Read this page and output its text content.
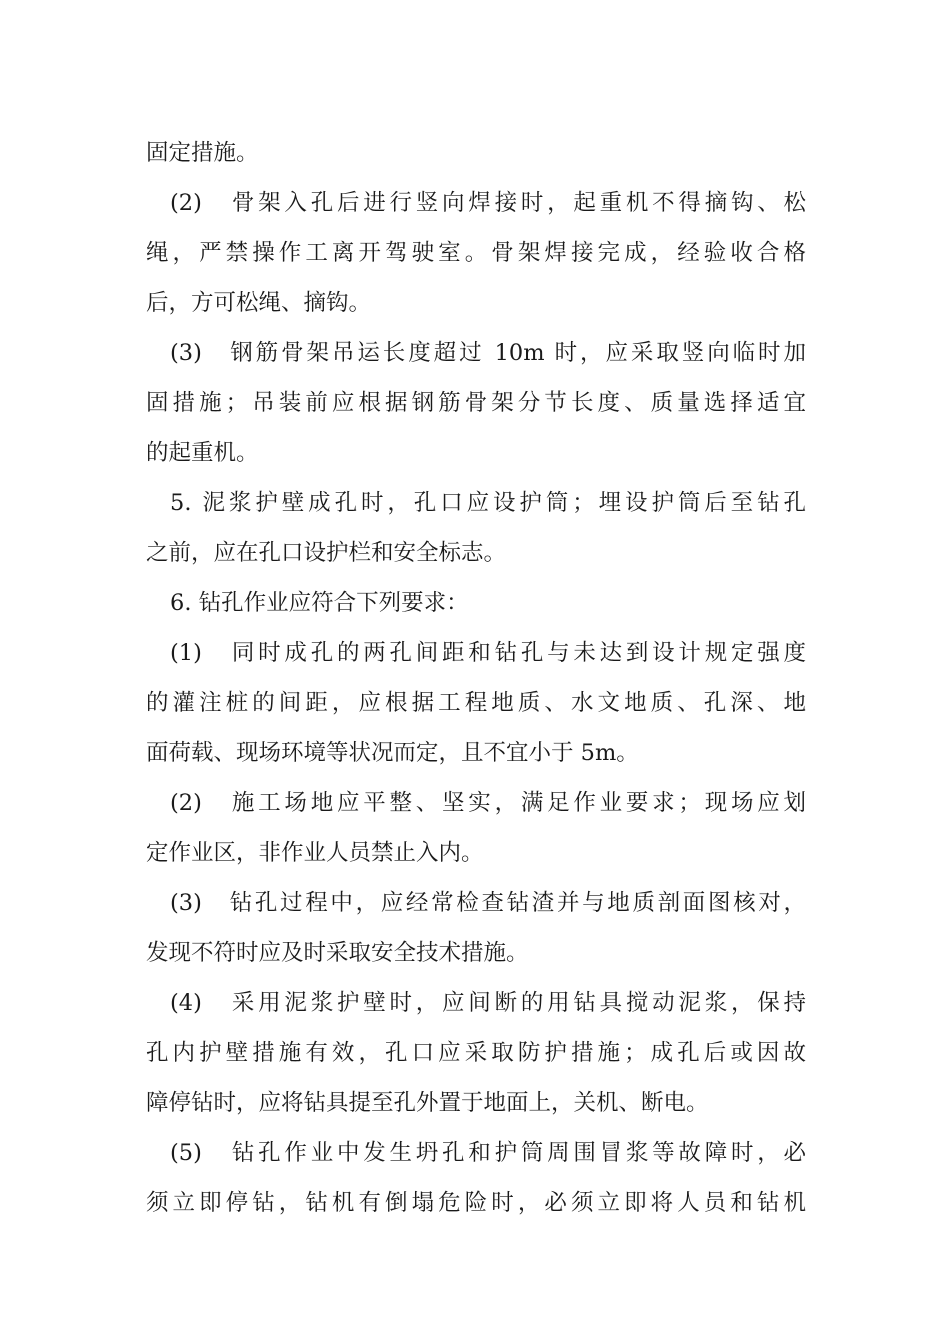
固定措施。
(2)　骨架入孔后进行竖向焊接时，起重机不得摘钩、松
绳，严禁操作工离开驾驶室。骨架焊接完成，经验收合格
后，方可松绳、摘钩。
(3)　钢筋骨架吊运长度超过 10m 时，应采取竖向临时加
固措施；吊装前应根据钢筋骨架分节长度、质量选择适宜
的起重机。
5. 泥浆护壁成孔时，孔口应设护筒；埋设护筒后至钻孔
之前，应在孔口设护栏和安全标志。
6. 钻孔作业应符合下列要求：
(1)　同时成孔的两孔间距和钻孔与未达到设计规定强度
的灌注桩的间距，应根据工程地质、水文地质、孔深、地
面荷载、现场环境等状况而定，且不宜小于 5m。
(2)　施工场地应平整、坚实，满足作业要求；现场应划
定作业区，非作业人员禁止入内。
(3)　钻孔过程中，应经常检查钻渣并与地质剖面图核对，
发现不符时应及时采取安全技术措施。
(4)　采用泥浆护壁时，应间断的用钻具搅动泥浆，保持
孔内护壁措施有效，孔口应采取防护措施；成孔后或因故
障停钻时，应将钻具提至孔外置于地面上，关机、断电。
(5)　钻孔作业中发生坍孔和护筒周围冒浆等故障时，必
须立即停钻，钻机有倒塌危险时，必须立即将人员和钻机
